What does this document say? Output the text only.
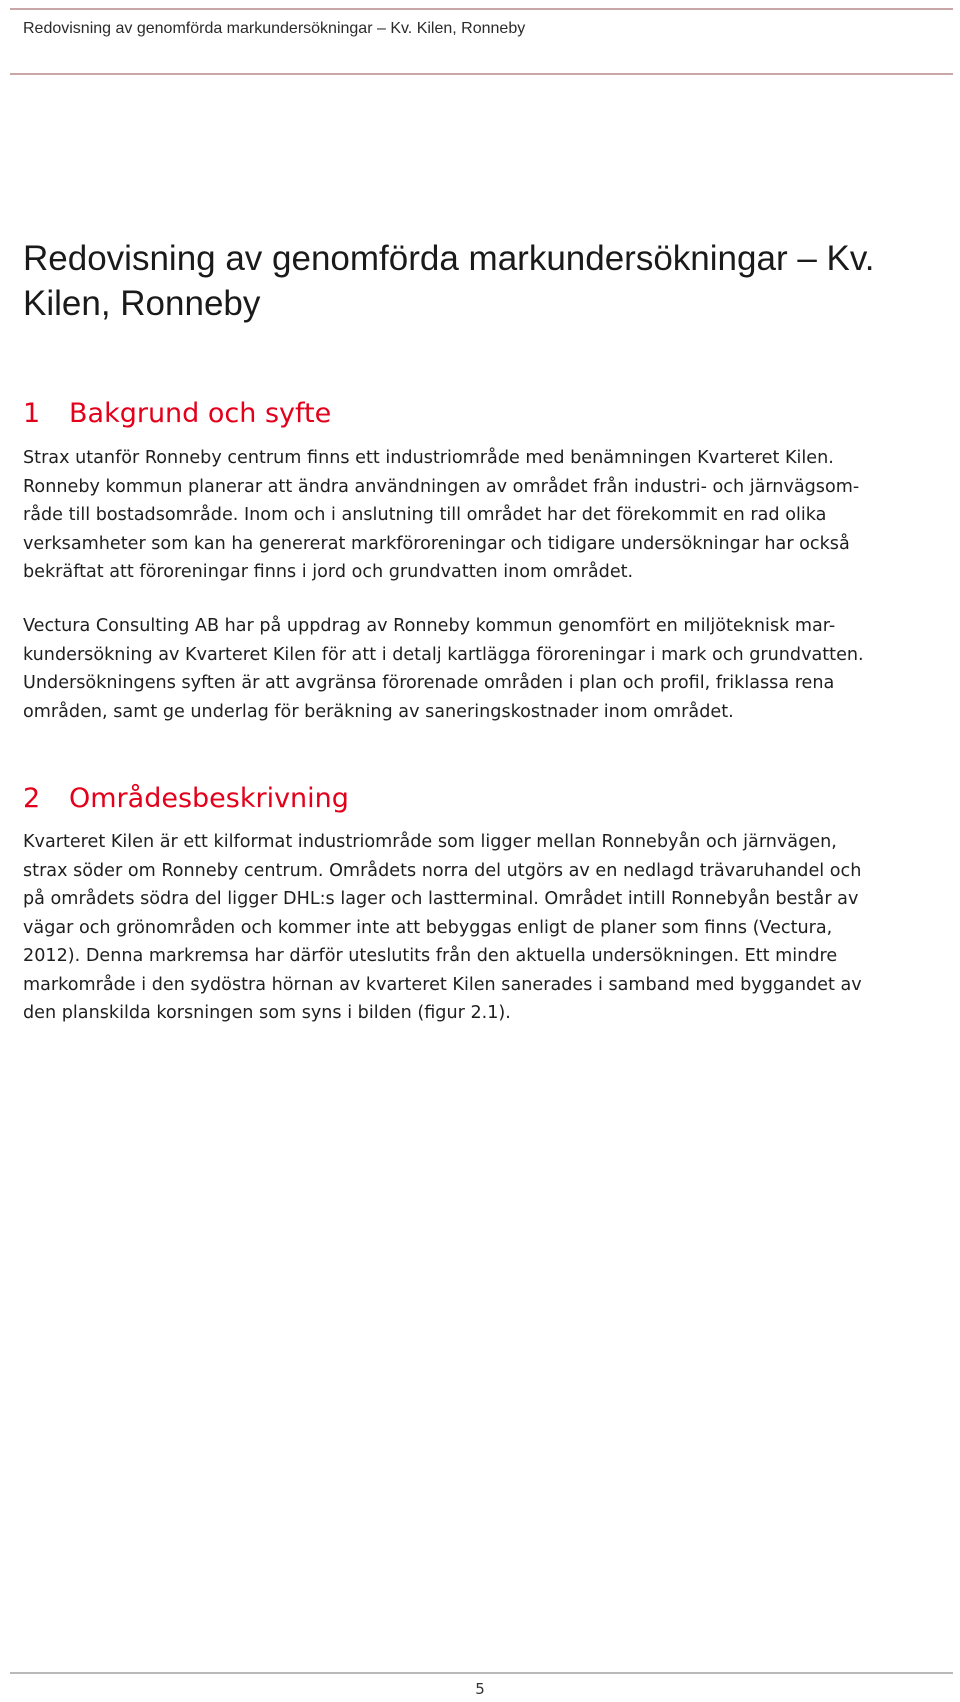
Redovisning av genomförda markundersökningar – Kv. Kilen, Ronneby
Redovisning av genomförda markundersökningar – Kv.
Kilen, Ronneby
1 Bakgrund och syfte

Strax utanför Ronneby centrum finns ett industriområde med benämningen Kvarteret Kilen.
Ronneby kommun planerar att ändra användningen av området från industri- och järnvägsom-
råde till bostadsområde. Inom och i anslutning till området har det förekommit en rad olika
verksamheter som kan ha genererat markföroreningar och tidigare undersökningar har också
bekräftat att föroreningar finns i jord och grundvatten inom området.

Vectura Consulting AB har på uppdrag av Ronneby kommun genomfört en miljöteknisk mar-
kundersökning av Kvarteret Kilen för att i detalj kartlägga föroreningar i mark och grundvatten.
Undersökningens syften är att avgränsa förorenade områden i plan och profil, friklassa rena
områden, samt ge underlag för beräkning av saneringskostnader inom området.

2 Områdesbeskrivning

Kvarteret Kilen är ett kilformat industriområde som ligger mellan Ronnebyån och järnvägen,
strax söder om Ronneby centrum. Områdets norra del utgörs av en nedlagd trävaruhandel och
på områdets södra del ligger DHL:s lager och lastterminal. Området intill Ronnebyån består av
vägar och grönområden och kommer inte att bebyggas enligt de planer som finns (Vectura,
2012). Denna markremsa har därför uteslutits från den aktuella undersökningen. Ett mindre
markområde i den sydöstra hörnan av kvarteret Kilen sanerades i samband med byggandet av
den planskilda korsningen som syns i bilden (figur 2.1).

5
